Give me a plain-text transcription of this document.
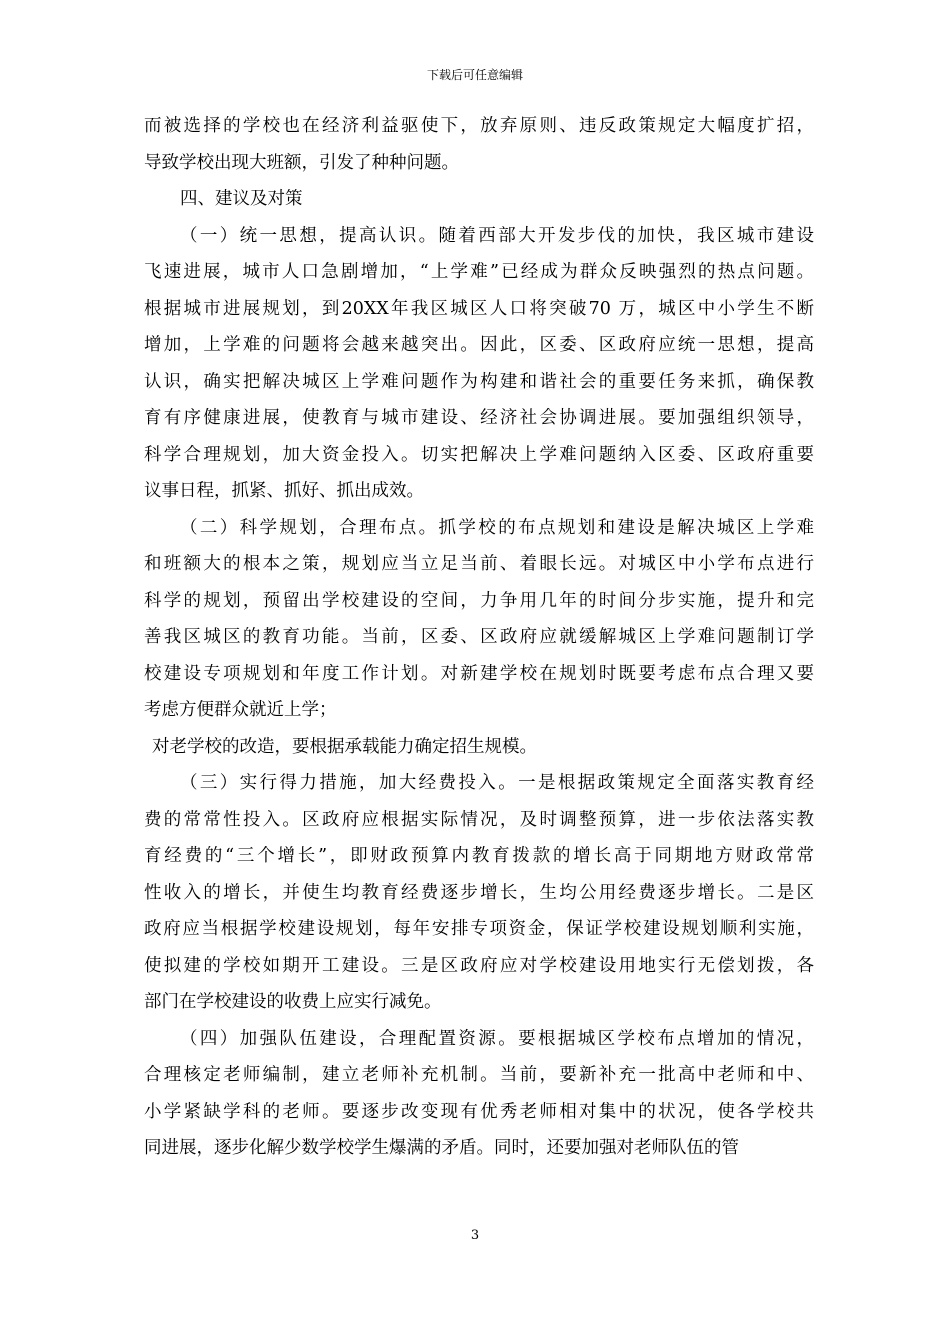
下载后可任意编辑
而被选择的学校也在经济利益驱使下，放弃原则、违反政策规定大幅度扩招，
导致学校出现大班额，引发了种种问题。
四、建议及对策
（一）统一思想，提高认识。随着西部大开发步伐的加快，我区城市建设
飞速进展，城市人口急剧增加，“上学难”已经成为群众反映强烈的热点问题。
根据城市进展规划，到20XX年我区城区人口将突破70 万，城区中小学生不断
增加，上学难的问题将会越来越突出。因此，区委、区政府应统一思想，提高
认识，确实把解决城区上学难问题作为构建和谐社会的重要任务来抓，确保教
育有序健康进展，使教育与城市建设、经济社会协调进展。要加强组织领导，
科学合理规划，加大资金投入。切实把解决上学难问题纳入区委、区政府重要
议事日程，抓紧、抓好、抓出成效。
（二）科学规划，合理布点。抓学校的布点规划和建设是解决城区上学难
和班额大的根本之策，规划应当立足当前、着眼长远。对城区中小学布点进行
科学的规划，预留出学校建设的空间，力争用几年的时间分步实施，提升和完
善我区城区的教育功能。当前，区委、区政府应就缓解城区上学难问题制订学
校建设专项规划和年度工作计划。对新建学校在规划时既要考虑布点合理又要
考虑方便群众就近上学；
对老学校的改造，要根据承载能力确定招生规模。
（三）实行得力措施，加大经费投入。一是根据政策规定全面落实教育经
费的常常性投入。区政府应根据实际情况，及时调整预算，进一步依法落实教
育经费的“三个增长”，即财政预算内教育拨款的增长高于同期地方财政常常
性收入的增长，并使生均教育经费逐步增长，生均公用经费逐步增长。二是区
政府应当根据学校建设规划，每年安排专项资金，保证学校建设规划顺利实施，
使拟建的学校如期开工建设。三是区政府应对学校建设用地实行无偿划拨，各
部门在学校建设的收费上应实行减免。
（四）加强队伍建设，合理配置资源。要根据城区学校布点增加的情况，
合理核定老师编制，建立老师补充机制。当前，要新补充一批高中老师和中、
小学紧缺学科的老师。要逐步改变现有优秀老师相对集中的状况，使各学校共
同进展，逐步化解少数学校学生爆满的矛盾。同时，还要加强对老师队伍的管
3
